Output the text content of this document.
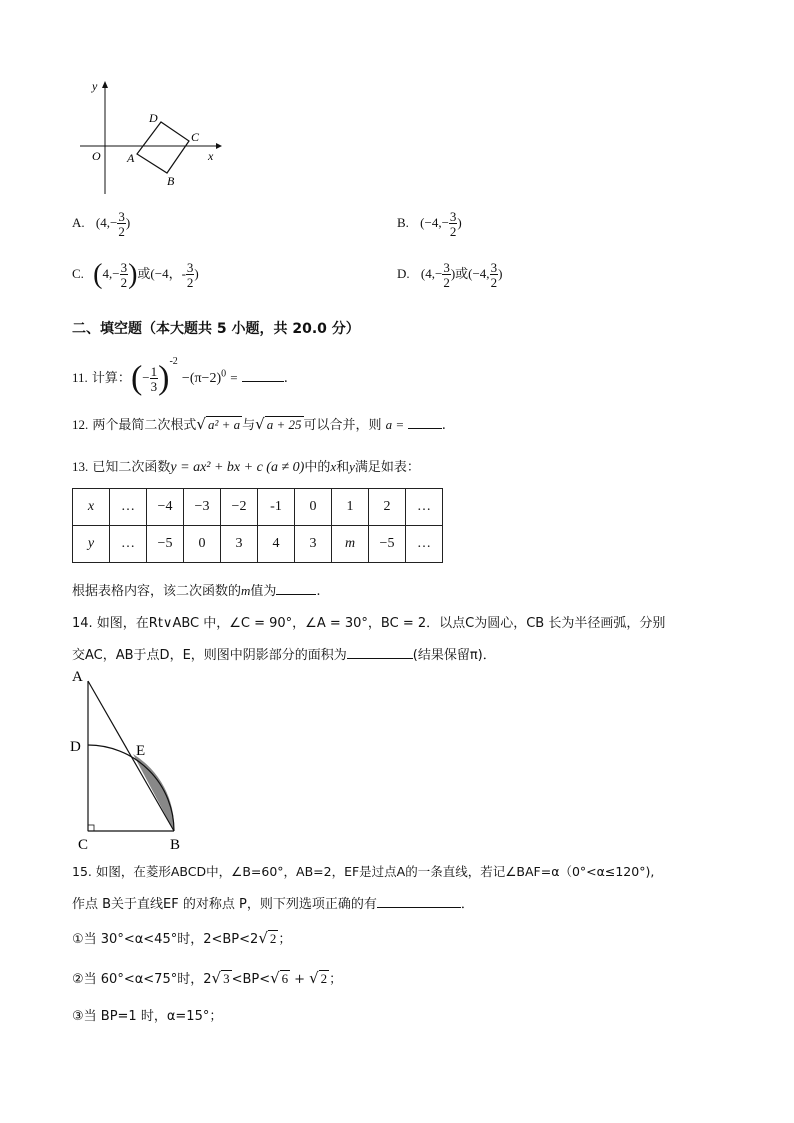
y
x
O A
B
C
D
A. ($4,- \frac{3}{2}$ )	B. ($-4,- \frac{3}{2}$ )
C. ($4,- \frac{3}{2}$ )或(−4，- $\frac{3}{2}$ )	D. ($4,- \frac{3}{2}$ )或(−4, $\frac{3}{2}$ )
二、填空题（本大题共 5 小题，共 20.0 分）
11. 计算：(− $\frac{1}{3} )^{-2} -(\pi-2)^0$ =	.
12. 两个最简二次根式√ a² + a 与√ a + 25 可以合并，则 a =	.
13. 已知二次函数y = ax² + bx + c (a ≠ 0)中的x和y满足如表：
x	…	−4	−3	−2	-1	0	1	2	…
y	…	−5	0	3	4	3	m	−5	…
根据表格内容，该二次函数的m值为	.
14. 如图，在Rt∨ABC 中，∠C = 90°，∠A = 30°，BC = 2．以点C为圆心，CB 长为半径画弧，分别
交AC，AB于点D，E，则图中阴影部分的面积为	(结果保留π)．
A
D	E
C	B
15. 如图，在菱形ABCD中，∠B=60°，AB=2，EF是过点A的一条直线，若记∠BAF=α（0°<α≤120°),
作点 B关于直线EF 的对称点 P，则下列选项正确的有	．
①当 30°<α<45°时，2<BP<2√ 2 ；
②当 60°<α<75°时，2√ 3 <BP<√ 6 + √ 2 ；
③当 BP=1 时，α=15°；
